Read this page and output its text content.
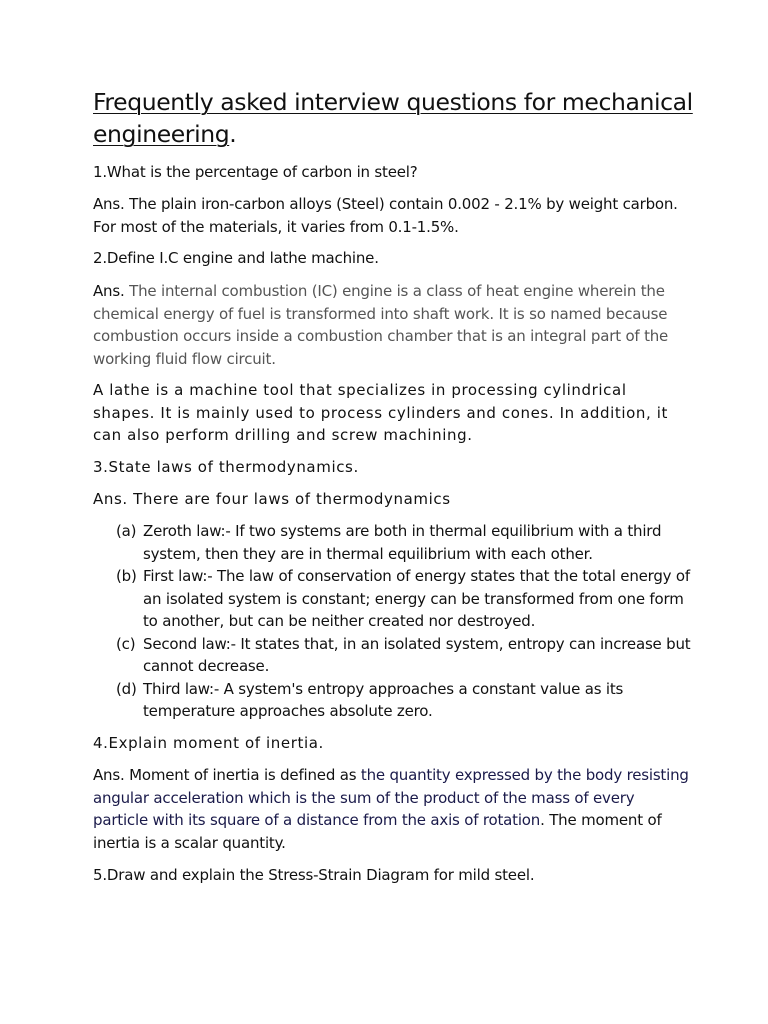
Frequently asked interview questions for mechanical engineering.

1.What is the percentage of carbon in steel?

Ans. The plain iron-carbon alloys (Steel) contain 0.002 - 2.1% by weight carbon. For most of the materials, it varies from 0.1-1.5%.

2.Define I.C engine and lathe machine.

Ans. The internal combustion (IC) engine is a class of heat engine wherein the chemical energy of fuel is transformed into shaft work. It is so named because combustion occurs inside a combustion chamber that is an integral part of the working fluid flow circuit.

A lathe is a machine tool that specializes in processing cylindrical shapes. It is mainly used to process cylinders and cones. In addition, it can also perform drilling and screw machining.

3.State laws of thermodynamics.

Ans. There are four laws of thermodynamics

(a) Zeroth law:- If two systems are both in thermal equilibrium with a third system, then they are in thermal equilibrium with each other.
(b) First law:- The law of conservation of energy states that the total energy of an isolated system is constant; energy can be transformed from one form to another, but can be neither created nor destroyed.
(c) Second law:- It states that, in an isolated system, entropy can increase but cannot decrease.
(d) Third law:- A system's entropy approaches a constant value as its temperature approaches absolute zero.

4.Explain moment of inertia.

Ans. Moment of inertia is defined as the quantity expressed by the body resisting angular acceleration which is the sum of the product of the mass of every particle with its square of a distance from the axis of rotation. The moment of inertia is a scalar quantity.

5.Draw and explain the Stress-Strain Diagram for mild steel.
